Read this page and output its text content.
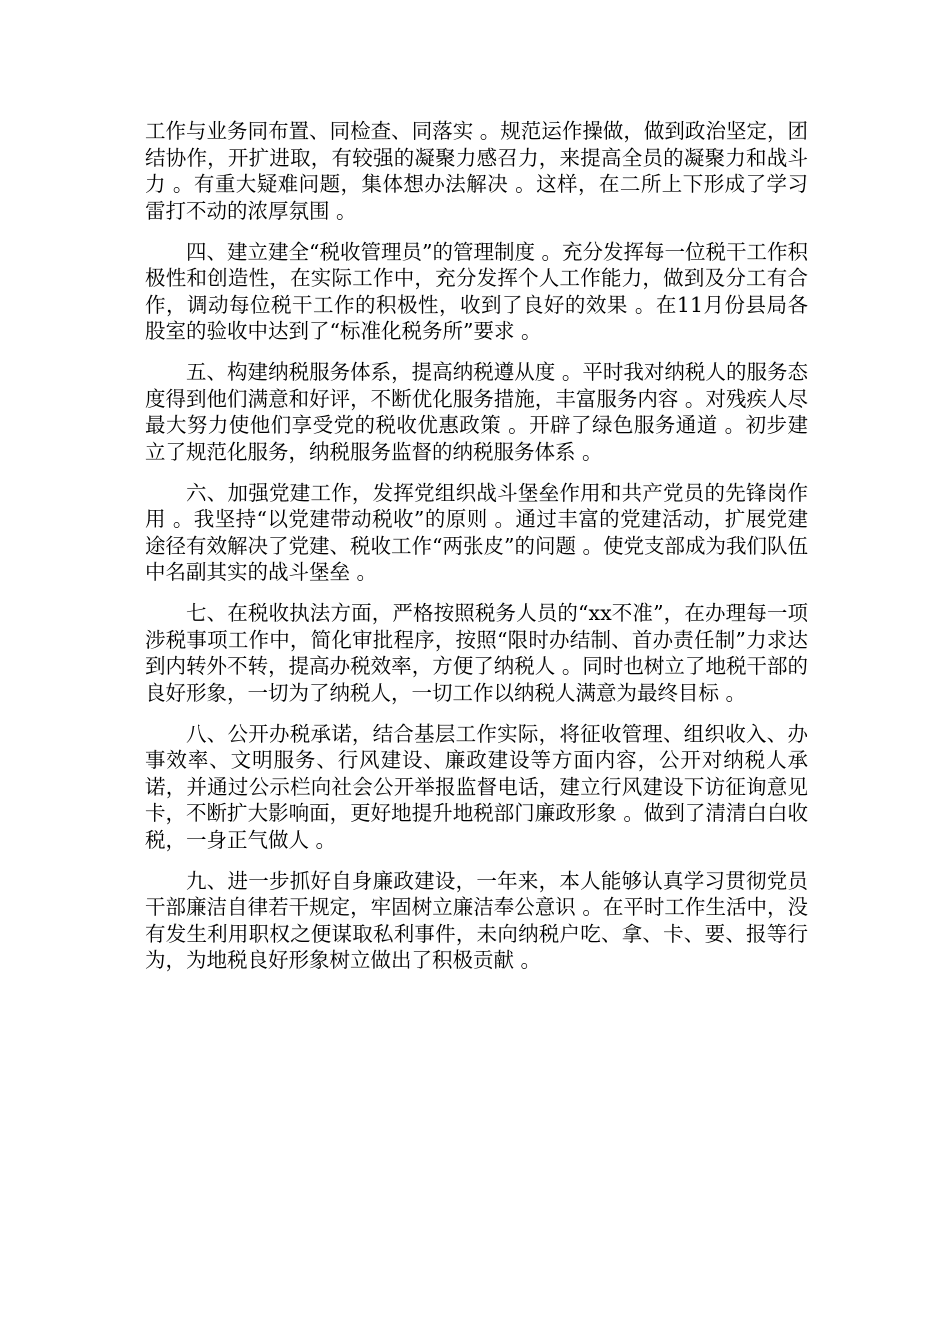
工作与业务同布置、同检查、同落实 。规范运作操做，做到政治坚定，团结协作，开扩进取，有较强的凝聚力感召力，来提高全员的凝聚力和战斗力 。有重大疑难问题，集体想办法解决 。这样，在二所上下形成了学习雷打不动的浓厚氛围 。

四、建立建全“税收管理员”的管理制度 。充分发挥每一位税干工作积极性和创造性，在实际工作中，充分发挥个人工作能力，做到及分工有合作，调动每位税干工作的积极性，收到了良好的效果 。在11月份县局各股室的验收中达到了“标准化税务所”要求 。

五、构建纳税服务体系，提高纳税遵从度 。平时我对纳税人的服务态度得到他们满意和好评，不断优化服务措施，丰富服务内容 。对残疾人尽最大努力使他们享受党的税收优惠政策 。开辟了绿色服务通道 。初步建立了规范化服务，纳税服务监督的纳税服务体系 。

六、加强党建工作，发挥党组织战斗堡垒作用和共产党员的先锋岗作用 。我坚持“以党建带动税收”的原则 。通过丰富的党建活动，扩展党建途径有效解决了党建、税收工作“两张皮”的问题 。使党支部成为我们队伍中名副其实的战斗堡垒 。

七、在税收执法方面，严格按照税务人员的“xx不准”，在办理每一项涉税事项工作中，简化审批程序，按照“限时办结制、首办责任制”力求达到内转外不转，提高办税效率，方便了纳税人 。同时也树立了地税干部的良好形象，一切为了纳税人，一切工作以纳税人满意为最终目标 。

八、公开办税承诺，结合基层工作实际，将征收管理、组织收入、办事效率、文明服务、行风建设、廉政建设等方面内容，公开对纳税人承诺，并通过公示栏向社会公开举报监督电话，建立行风建设下访征询意见卡，不断扩大影响面，更好地提升地税部门廉政形象 。做到了清清白白收税，一身正气做人 。

九、进一步抓好自身廉政建设，一年来，本人能够认真学习贯彻党员干部廉洁自律若干规定，牢固树立廉洁奉公意识 。在平时工作生活中，没有发生利用职权之便谋取私利事件，未向纳税户吃、拿、卡、要、报等行为，为地税良好形象树立做出了积极贡献 。
